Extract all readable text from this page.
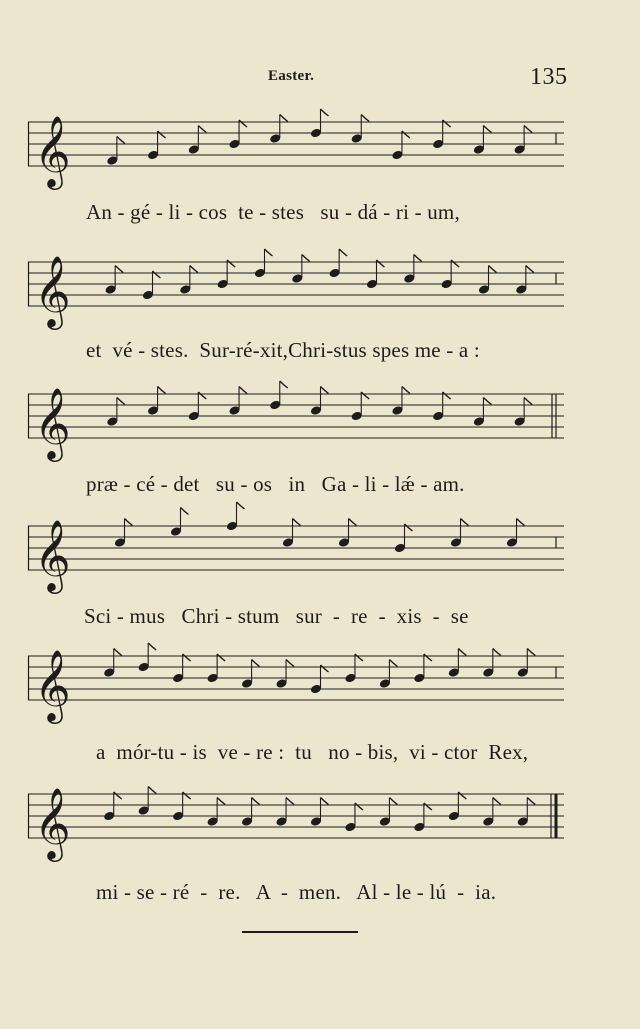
Easter.	135
𝄞
An - gé - li - cos  te - stes   su - dá - ri - um,
𝄞
et  vé - stes.  Sur-ré-xit,Chri-stus spes me - a :
𝄞
præ - cé - det   su - os   in   Ga - li - lǽ - am.
𝄞
Sci - mus   Chri - stum   sur  -  re  -  xis  -  se
𝄞
a  mór-tu - is  ve - re :  tu   no - bis,  vi - ctor  Rex,
𝄞
mi - se - ré  -  re.   A  -  men.   Al - le - lú  -  ia.
